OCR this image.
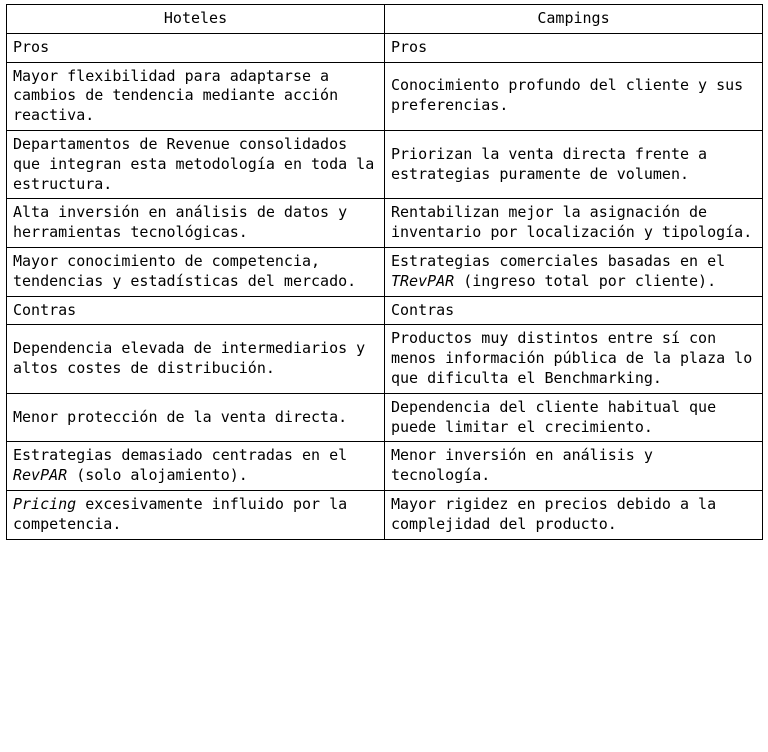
Hoteles	Campings
Pros	Pros
Mayor flexibilidad para adaptarse a cambios de tendencia mediante acción reactiva.	Conocimiento profundo del cliente y sus preferencias.
Departamentos de Revenue consolidados que integran esta metodología en toda la estructura.	Priorizan la venta directa frente a estrategias puramente de volumen.
Alta inversión en análisis de datos y herramientas tecnológicas.	Rentabilizan mejor la asignación de inventario por localización y tipología.
Mayor conocimiento de competencia, tendencias y estadísticas del mercado.	Estrategias comerciales basadas en el TRevPAR (ingreso total por cliente).
Contras	Contras
Dependencia elevada de intermediarios y altos costes de distribución.	Productos muy distintos entre sí con menos información pública de la plaza lo que dificulta el Benchmarking.
Menor protección de la venta directa.	Dependencia del cliente habitual que puede limitar el crecimiento.
Estrategias demasiado centradas en el RevPAR (solo alojamiento).	Menor inversión en análisis y tecnología.
Pricing excesivamente influido por la competencia.	Mayor rigidez en precios debido a la complejidad del producto.
